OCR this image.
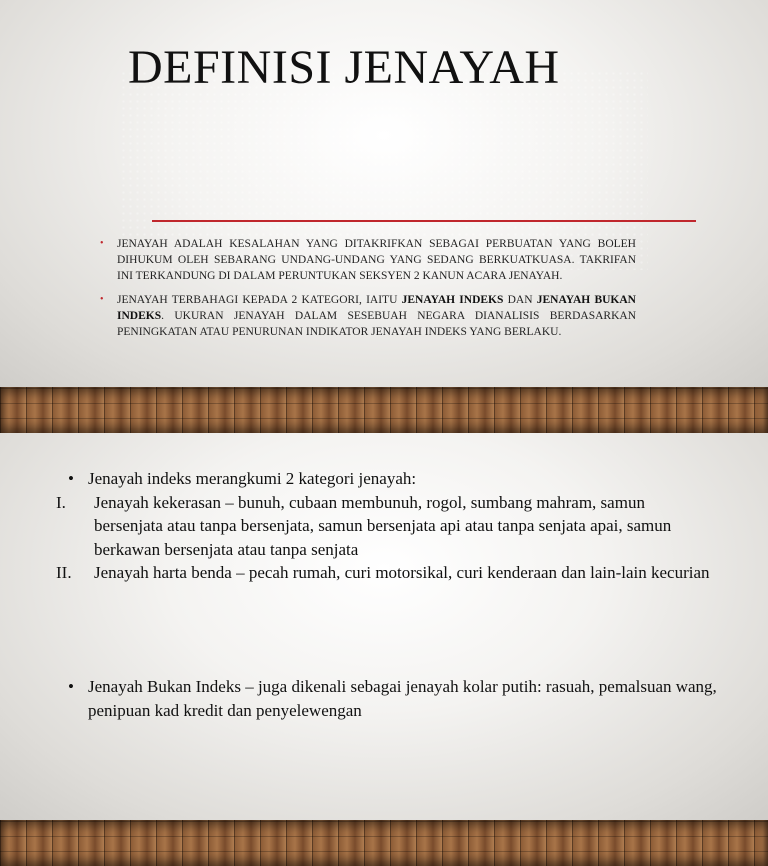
DEFINISI JENAYAH
• JENAYAH ADALAH KESALAHAN YANG DITAKRIFKAN SEBAGAI PERBUATAN YANG BOLEH DIHUKUM OLEH SEBARANG UNDANG-UNDANG YANG SEDANG BERKUATKUASA. TAKRIFAN INI TERKANDUNG DI DALAM PERUNTUKAN SEKSYEN 2 KANUN ACARA JENAYAH.
• JENAYAH TERBAHAGI KEPADA 2 KATEGORI, IAITU JENAYAH INDEKS DAN JENAYAH BUKAN INDEKS. UKURAN JENAYAH DALAM SESEBUAH NEGARA DIANALISIS BERDASARKAN PENINGKATAN ATAU PENURUNAN INDIKATOR JENAYAH INDEKS YANG BERLAKU.
• Jenayah indeks merangkumi 2 kategori jenayah:
I.	Jenayah kekerasan – bunuh, cubaan membunuh, rogol, sumbang mahram, samun bersenjata atau tanpa bersenjata, samun bersenjata api atau tanpa senjata apai, samun berkawan bersenjata atau tanpa senjata
II.	Jenayah harta benda – pecah rumah, curi motorsikal, curi kenderaan dan lain-lain kecurian
• Jenayah Bukan Indeks – juga dikenali sebagai jenayah kolar putih: rasuah, pemalsuan wang, penipuan kad kredit dan penyelewengan
